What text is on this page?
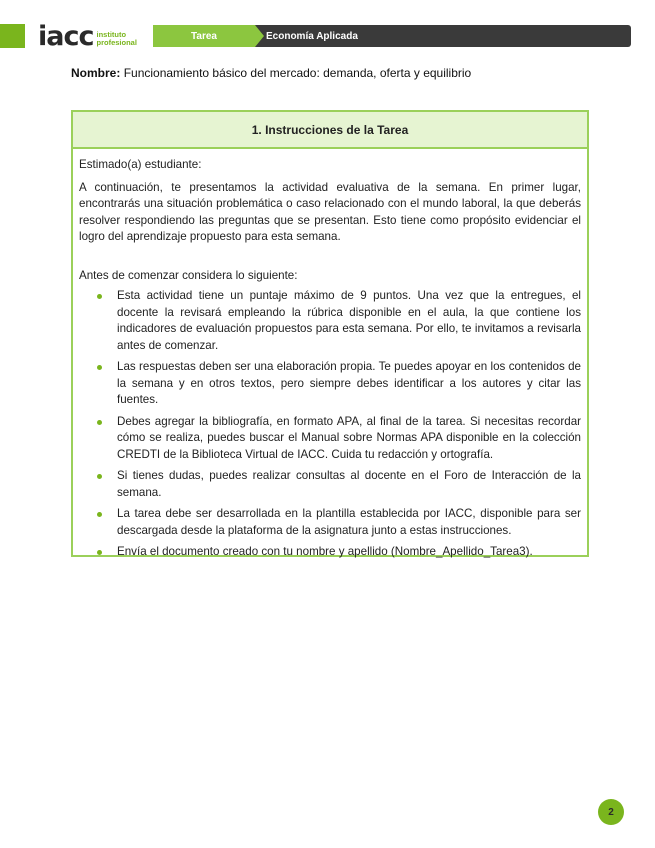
iacc instituto
profesional
Tarea	Economía Aplicada
Nombre: Funcionamiento básico del mercado: demanda, oferta y equilibrio
1. Instrucciones de la Tarea

Estimado(a) estudiante:

A continuación, te presentamos la actividad evaluativa de la semana. En primer lugar, encontrarás una situación problemática o caso relacionado con el mundo laboral, la que deberás resolver respondiendo las preguntas que se presentan. Esto tiene como propósito evidenciar el logro del aprendizaje propuesto para esta semana.

Antes de comenzar considera lo siguiente:

Esta actividad tiene un puntaje máximo de 9 puntos. Una vez que la entregues, el docente la revisará empleando la rúbrica disponible en el aula, la que contiene los indicadores de evaluación propuestos para esta semana. Por ello, te invitamos a revisarla antes de comenzar.
Las respuestas deben ser una elaboración propia. Te puedes apoyar en los contenidos de la semana y en otros textos, pero siempre debes identificar a los autores y citar las fuentes.
Debes agregar la bibliografía, en formato APA, al final de la tarea. Si necesitas recordar cómo se realiza, puedes buscar el Manual sobre Normas APA disponible en la colección CREDTI de la Biblioteca Virtual de IACC. Cuida tu redacción y ortografía.
Si tienes dudas, puedes realizar consultas al docente en el Foro de Interacción de la semana.
La tarea debe ser desarrollada en la plantilla establecida por IACC, disponible para ser descargada desde la plataforma de la asignatura junto a estas instrucciones.
Envía el documento creado con tu nombre y apellido (Nombre_Apellido_Tarea3).
2
